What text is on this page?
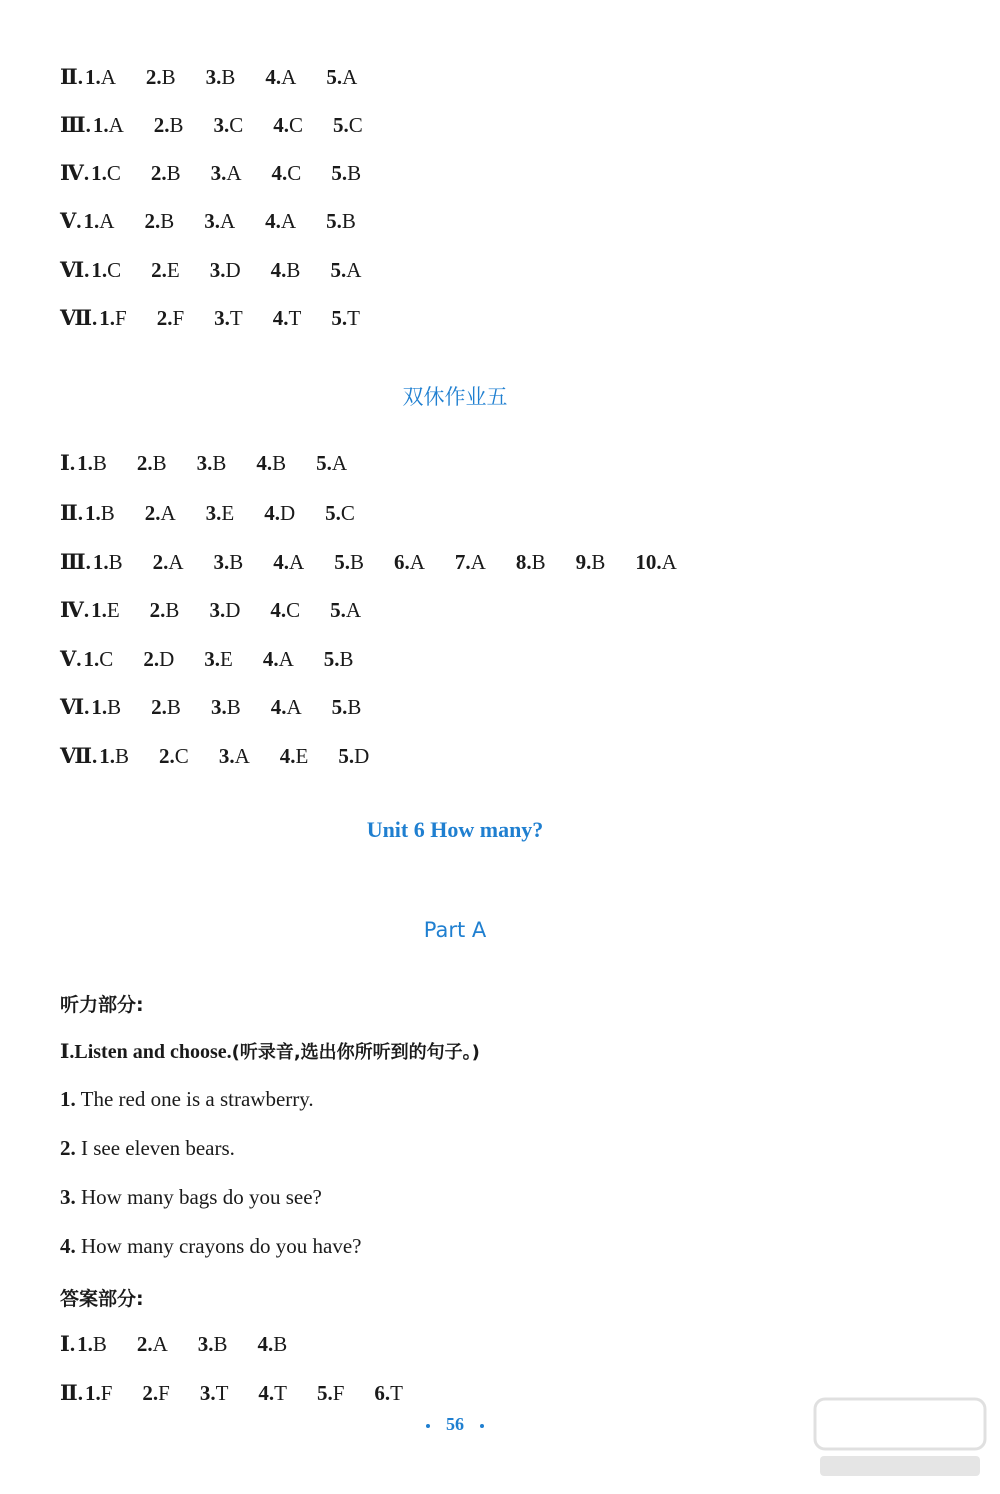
Ⅱ.1.A 2.B 3.B 4.A 5.A
Ⅲ.1.A 2.B 3.C 4.C 5.C
Ⅳ.1.C 2.B 3.A 4.C 5.B
Ⅴ.1.A 2.B 3.A 4.A 5.B
Ⅵ.1.C 2.E 3.D 4.B 5.A
Ⅶ.1.F 2.F 3.T 4.T 5.T
双休作业五
Ⅰ.1.B 2.B 3.B 4.B 5.A
Ⅱ.1.B 2.A 3.E 4.D 5.C
Ⅲ.1.B 2.A 3.B 4.A 5.B 6.A 7.A 8.B 9.B 10.A
Ⅳ.1.E 2.B 3.D 4.C 5.A
Ⅴ.1.C 2.D 3.E 4.A 5.B
Ⅵ.1.B 2.B 3.B 4.A 5.B
Ⅶ.1.B 2.C 3.A 4.E 5.D
Unit 6 How many?
Part A
听力部分:
Ⅰ.Listen and choose.(听录音,选出你所听到的句子。)
1. The red one is a strawberry.
2. I see eleven bears.
3. How many bags do you see?
4. How many crayons do you have?
答案部分:
Ⅰ.1.B 2.A 3.B 4.B
Ⅱ.1.F 2.F 3.T 4.T 5.F 6.T
56
